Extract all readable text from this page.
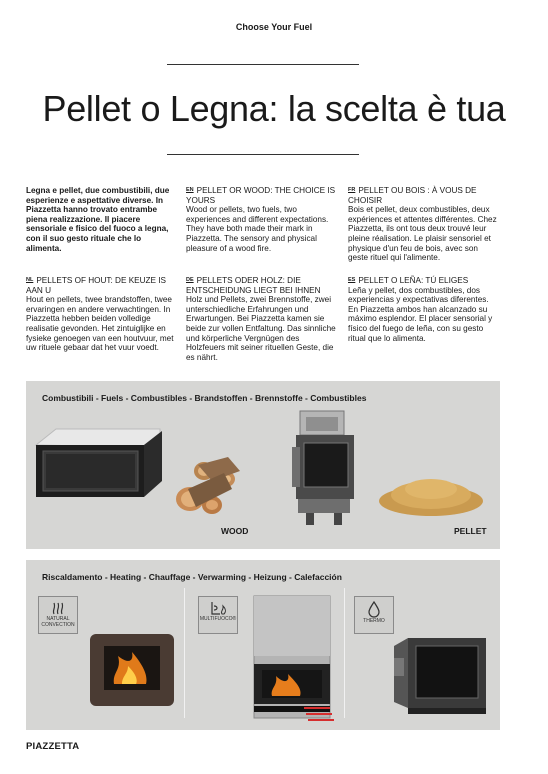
Choose Your Fuel
Pellet o Legna: la scelta è tua
Legna e pellet, due combustibili, due esperienze e aspettative diverse. In Piazzetta hanno trovato entrambe piena realizzazione. Il piacere sensoriale e fisico del fuoco a legna, con il suo gesto rituale che lo alimenta.
$^{EN}$ PELLET OR WOOD: THE CHOICE IS YOURS
Wood or pellets, two fuels, two experiences and different expectations. They have both made their mark in Piazzetta. The sensory and physical pleasure of a wood fire.
$^{FR}$ PELLET OU BOIS : À VOUS DE CHOISIR
Bois et pellet, deux combustibles, deux expériences et attentes différentes. Chez Piazzetta, ils ont tous deux trouvé leur pleine réalisation. Le plaisir sensoriel et physique d'un feu de bois, avec son geste rituel qui l'alimente.
$^{NL}$ PELLETS OF HOUT: DE KEUZE IS AAN U
Hout en pellets, twee brandstoffen, twee ervaringen en andere verwachtingen. In Piazzetta hebben beiden volledige realisatie gevonden. Het zintuiglijke en fysieke genoegen van een houtvuur, met uw rituele gebaar dat het vuur voedt.
$^{DE}$ PELLETS ODER HOLZ: DIE ENTSCHEIDUNG LIEGT BEI IHNEN
Holz und Pellets, zwei Brennstoffe, zwei unterschiedliche Erfahrungen und Erwartungen. Bei Piazzetta kamen sie beide zur vollen Entfaltung. Das sinnliche und körperliche Vergnügen des Holzfeuers mit seiner rituellen Geste, die es nährt.
$^{ES}$ PELLET O LEÑA: TÚ ELIGES
Leña y pellet, dos combustibles, dos experiencias y expectativas diferentes. En Piazzetta ambos han alcanzado su máximo esplendor. El placer sensorial y físico del fuego de leña, con su gesto ritual que lo alimenta.
Combustibili - Fuels - Combustibles - Brandstoffen - Brennstoffe - Combustibles
WOOD	PELLET
Riscaldamento - Heating - Chauffage - Verwarming - Heizung - Calefacción
NATURAL CONVECTION
MULTIFUOCO®	THERMO
PIAZZETTA
